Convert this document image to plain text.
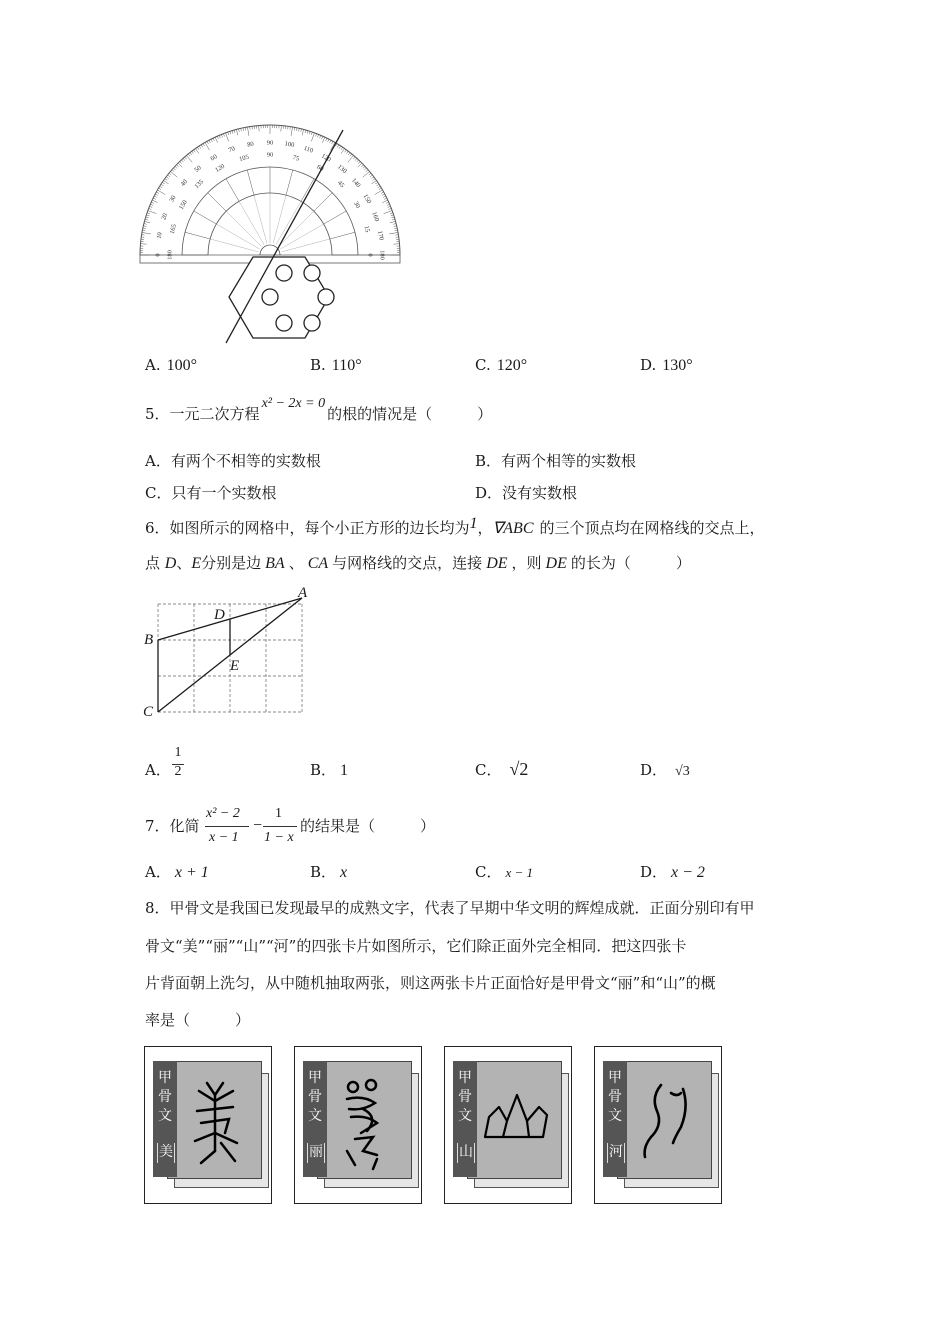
0
10
20
30
40
50
60
70
80 90 100
110
120
130
140
150
160
170
180
180
165
150
135
120
105	90	75
60
45
30
15
0
A. 100°	B. 110°	C. 120°	D. 130°
5．一元二次方程x² − 2x = 0的根的情况是（　　　）
A．有两个不相等的实数根	B．有两个相等的实数根
C．只有一个实数根	D．没有实数根
6．如图所示的网格中，每个小正方形的边长均为1，∇ABC 的三个顶点均在网格线的交点上，
点 D、E分别是边 BA 、 CA 与网格线的交点，连接 DE ，则 DE 的长为（　　　）
A
B
C
D
E
A．
1
2	B． 1	C． √2	D． √3
7．化简
x² − 2
x − 1
−
1
1 − x
的结果是（　　　）
A． x + 1	B． x	C． x − 1	D． x − 2
8．甲骨文是我国已发现最早的成熟文字，代表了早期中华文明的辉煌成就．正面分别印有甲
骨文“美”“丽”“山”“河”的四张卡片如图所示，它们除正面外完全相同．把这四张卡
片背面朝上洗匀，从中随机抽取两张，则这两张卡片正面恰好是甲骨文“丽”和“山”的概
率是（　　　）
甲骨文
美
甲骨文
丽
甲骨文
山
甲骨文
河
